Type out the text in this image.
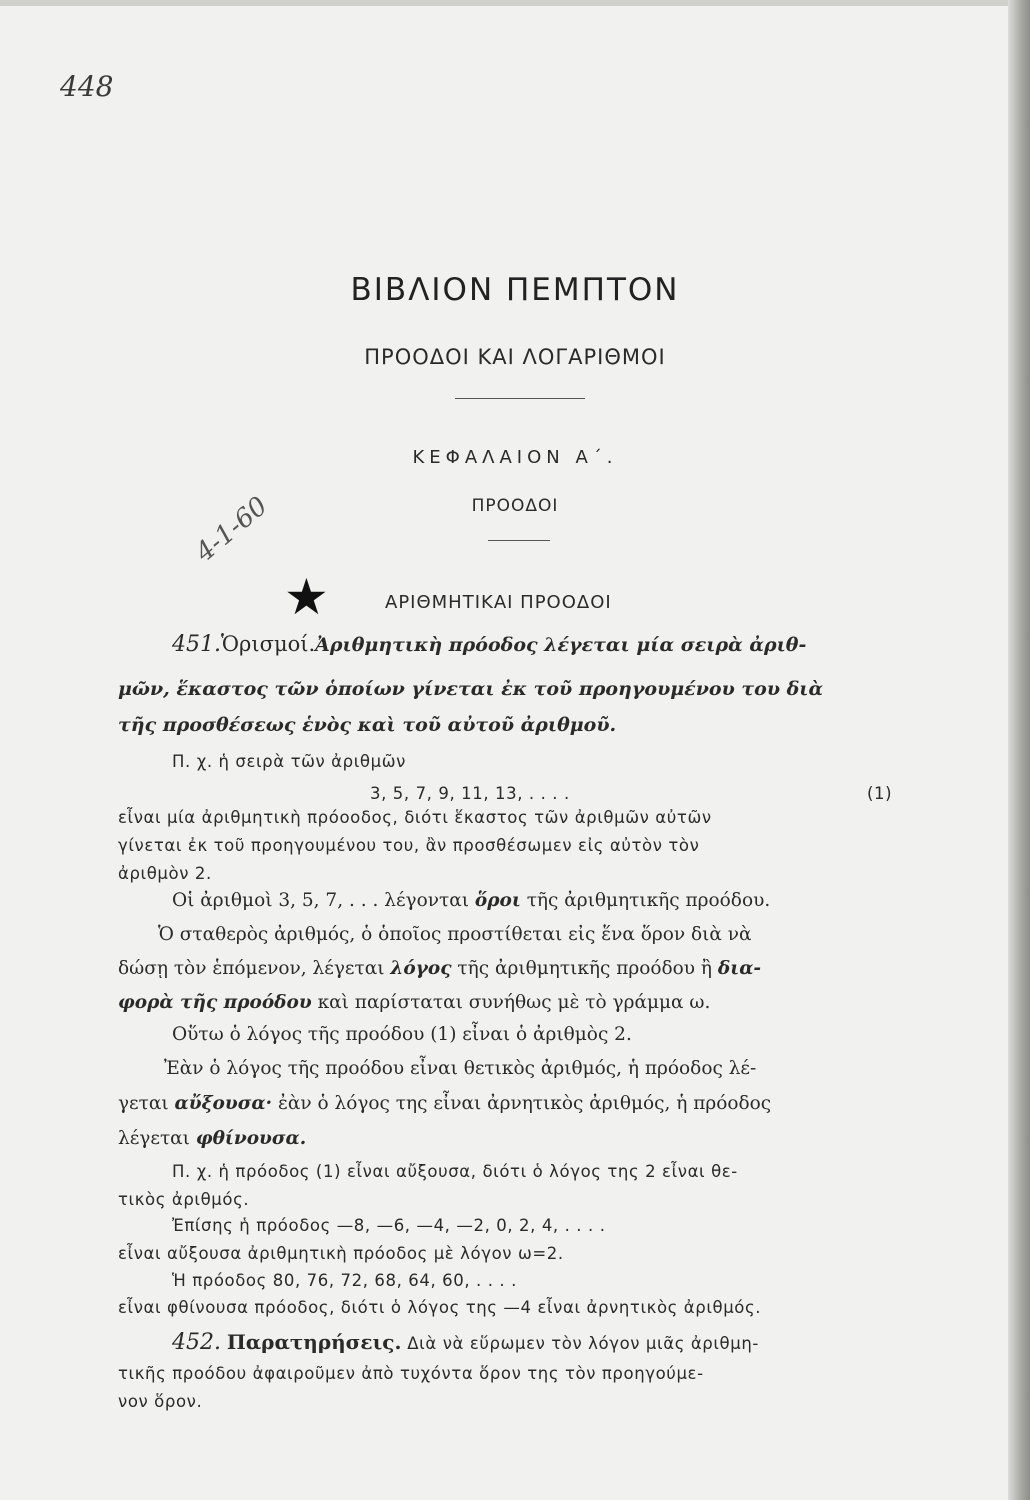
448
4-1-60
ΒΙΒΛΙΟΝ ΠΕΜΠΤΟΝ
ΠΡΟΟΔΟΙ ΚΑΙ ΛΟΓΑΡΙΘΜΟΙ
ΚΕΦΑΛΑΙΟΝ Α΄.
ΠΡΟΟΔΟΙ
★	ΑΡΙΘΜΗΤΙΚΑΙ ΠΡΟΟΔΟΙ
451.Ὁρισμοί.Ἀριθμητικὴ πρόοδος λέγεται μία σειρὰ ἀριθ-
μῶν, ἕκαστος τῶν ὁποίων γίνεται ἐκ τοῦ προηγουμένου του διὰ
τῆς προσθέσεως ἑνὸς καὶ τοῦ αὐτοῦ ἀριθμοῦ.
Π. χ. ἡ σειρὰ τῶν ἀριθμῶν
3, 5, 7, 9, 11, 13, . . . .	(1)
εἶναι μία ἀριθμητικὴ πρόοοδος, διότι ἕκαστος τῶν ἀριθμῶν αὐτῶν
γίνεται ἐκ τοῦ προηγουμένου του, ἂν προσθέσωμεν εἰς αὐτὸν τὸν
ἀριθμὸν 2.
Οἱ ἀριθμοὶ 3, 5, 7, . . . λέγονται ὅροι τῆς ἀριθμητικῆς προόδου.
Ὁ σταθερὸς ἀριθμός, ὁ ὁποῖος προστίθεται εἰς ἕνα ὅρον διὰ νὰ
δώσῃ τὸν ἑπόμενον, λέγεται λόγος τῆς ἀριθμητικῆς προόδου ἢ δια-
φορὰ τῆς προόδου καὶ παρίσταται συνήθως μὲ τὸ γράμμα ω.
Οὕτω ὁ λόγος τῆς προόδου (1) εἶναι ὁ ἀριθμὸς 2.
Ἐὰν ὁ λόγος τῆς προόδου εἶναι θετικὸς ἀριθμός, ἡ πρόοδος λέ-
γεται αὔξουσα· ἐὰν ὁ λόγος της εἶναι ἀρνητικὸς ἀριθμός, ἡ πρόοδος
λέγεται φθίνουσα.
Π. χ. ἡ πρόοδος (1) εἶναι αὔξουσα, διότι ὁ λόγος της 2 εἶναι θε-
τικὸς ἀριθμός.
Ἐπίσης ἡ πρόοδος —8, —6, —4, —2, 0, 2, 4, . . . .
εἶναι αὔξουσα ἀριθμητικὴ πρόοδος μὲ λόγον ω=2.
Ἡ πρόοδος 80, 76, 72, 68, 64, 60, . . . .
εἶναι φθίνουσα πρόοδος, διότι ὁ λόγος της —4 εἶναι ἀρνητικὸς ἀριθμός.
452. Παρατηρήσεις. Διὰ νὰ εὕρωμεν τὸν λόγον μιᾶς ἀριθμη-
τικῆς προόδου ἀφαιροῦμεν ἀπὸ τυχόντα ὅρον της τὸν προηγούμε-
νον ὅρον.
